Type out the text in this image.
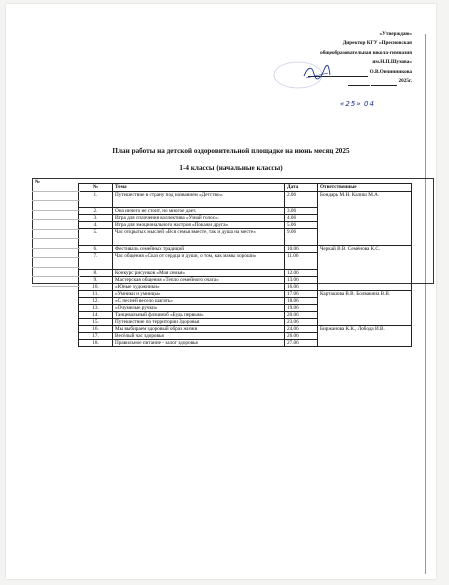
«Утверждаю»
Директор КГУ «Пресновская
общеобразовательная школа-гимназия
им.Н.П.Шухова»
О.В.Овчинникова
2025г.
«25» 04
План работы на детской оздоровительной площадке на июнь месяц 2025
1-4 классы (начальные классы)
№
№	Тема	Дата	Ответственные
1.	Путешествие в страну под названием «Детство».	2.06	Бондарь М.Н. Калиш М.А.
2.	Она ничего не стоит, но многое дает.	3.06	
3.	Игра для сплочения коллектива «Узнай голос».	4.06	
4.	Игра для эмоционального настроя «Покажи друга»	5.06	
5.	Час открытых мыслей «Вся семья вместе, так и душа на месте»	9.06	
6.	Фестиваль семейных традиций	10.06	Черкай В.В. Семёнова К.С.
7.	Час общения «Сказ от сердца и души, о том, как мамы хороши»	11.06	
8.	Конкурс рисунков «Моя семья»	12.06	
9.	Мастерская общения «Тепло семейного очага»	13.06	
10.	«Юные художники»	16.06	
11.	«Умники и умницы»	17.06	Карташова В.В. Болвакина В.В.
12.	«С песней весело шагать»	18.06	
13.	«Очумелые ручки»	19.06	
14.	Танцевальный флэшмоб «Будь первым»	20.06	
15.	Путешествие по территории Здоровья	23.06	
16.	Мы выбираем здоровый образ жизни	24.06	Биржанова К.К., Лобода И.В.
17.	Весёлый час здоровья	26.06	
18.	Правильное питание - залог здоровья	27.06	
